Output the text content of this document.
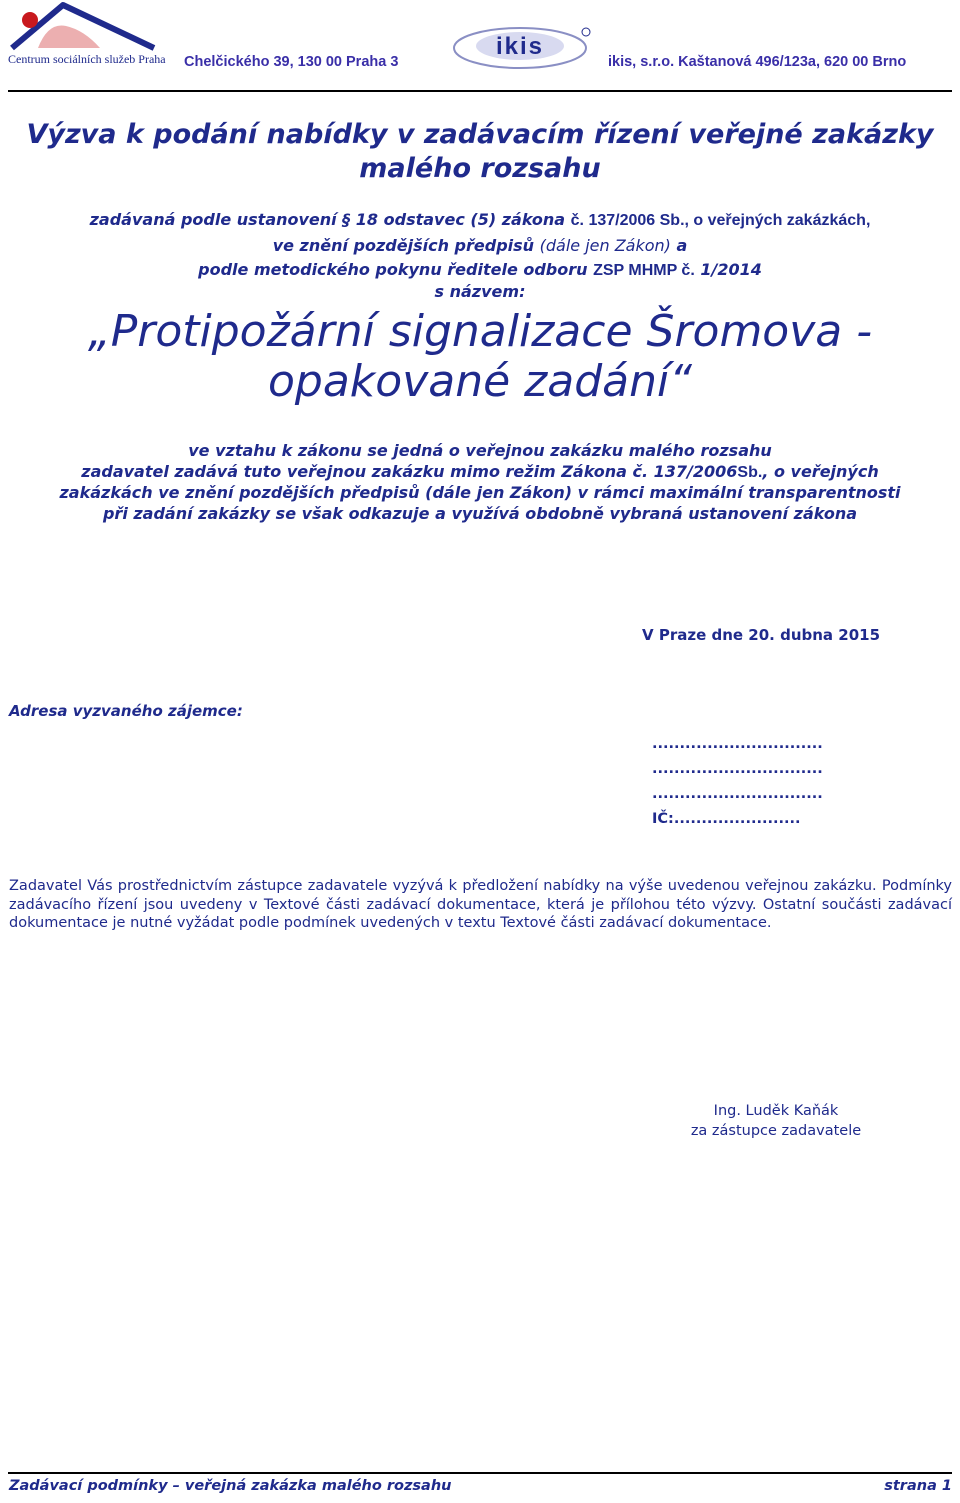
Centrum sociálních služeb Praha Chelčického 39, 130 00 Praha 3
ikis
ikis, s.r.o. Kaštanová 496/123a, 620 00 Brno
Výzva k podání nabídky v zadávacím řízení veřejné zakázky
malého rozsahu
zadávaná podle ustanovení § 18 odstavec (5) zákona č. 137/2006 Sb., o veřejných zakázkách,
ve znění pozdějších předpisů (dále jen Zákon) a
podle metodického pokynu ředitele odboru ZSP MHMP č. 1/2014
s názvem:
„Protipožární signalizace Šromova -
opakované zadání“
ve vztahu k zákonu se jedná o veřejnou zakázku malého rozsahu
zadavatel zadává tuto veřejnou zakázku mimo režim Zákona č. 137/2006Sb., o veřejných
zakázkách ve znění pozdějších předpisů (dále jen Zákon) v rámci maximální transparentnosti
při zadání zakázky se však odkazuje a využívá obdobně vybraná ustanovení zákona
V Praze dne 20. dubna 2015
Adresa vyzvaného zájemce:
...............................
...............................
...............................
IČ:.......................
Zadavatel Vás prostřednictvím zástupce zadavatele vyzývá k předložení nabídky na výše uvedenou veřejnou zakázku. Podmínky zadávacího řízení jsou uvedeny v Textové části zadávací dokumentace, která je přílohou této výzvy. Ostatní součásti zadávací dokumentace je nutné vyžádat podle podmínek uvedených v textu Textové části zadávací dokumentace.
Ing. Luděk Kaňák
za zástupce zadavatele
Zadávací podmínky – veřejná zakázka malého rozsahu	strana 1
